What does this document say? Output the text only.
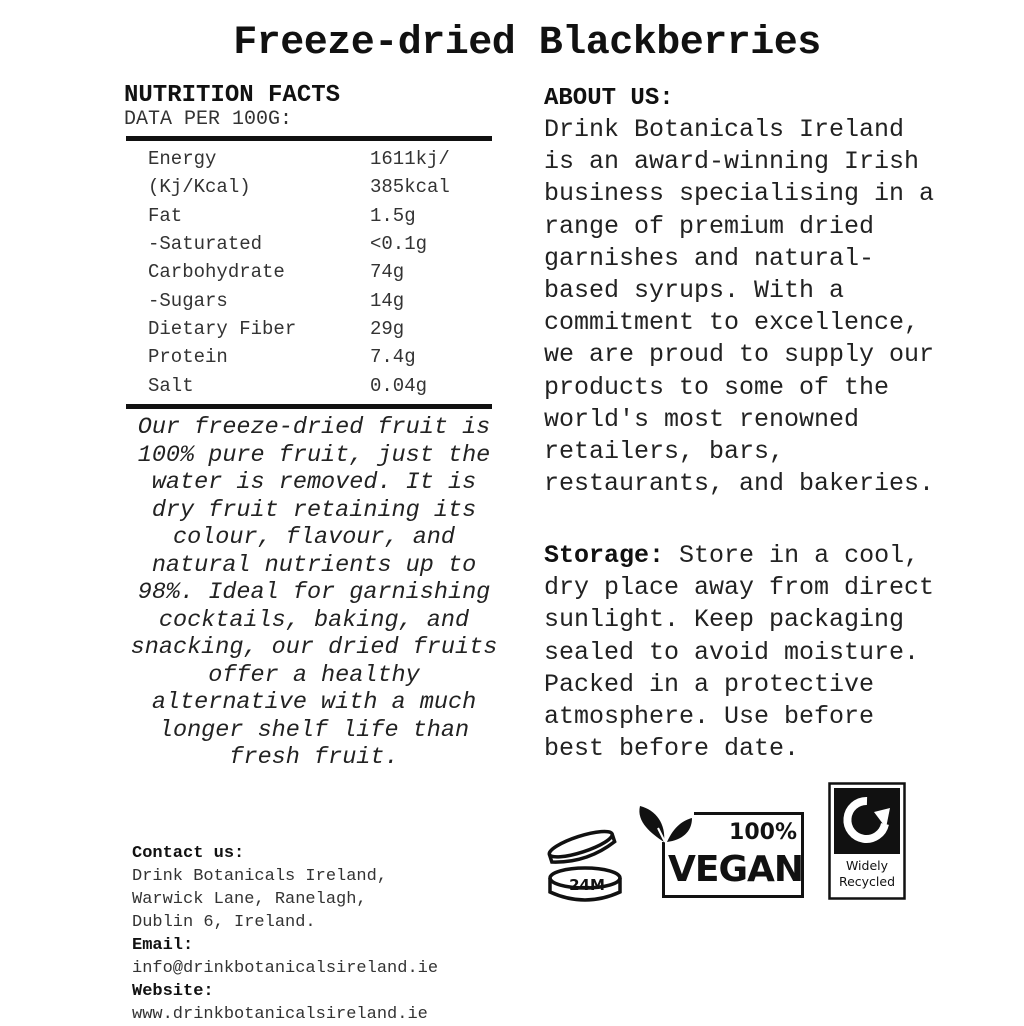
Freeze-dried Blackberries
NUTRITION FACTS
DATA PER 100G:
Energy	1611kj/
(Kj/Kcal)	385kcal
Fat	1.5g
-Saturated	<0.1g
Carbohydrate	74g
-Sugars	14g
Dietary Fiber	29g
Protein	7.4g
Salt	0.04g
Our freeze-dried fruit is 100% pure fruit, just the water is removed. It is dry fruit retaining its colour, flavour, and natural nutrients up to 98%. Ideal for garnishing cocktails, baking, and snacking, our dried fruits offer a healthy alternative with a much longer shelf life than fresh fruit.
Contact us:
Drink Botanicals Ireland,
Warwick Lane, Ranelagh,
Dublin 6, Ireland.
Email:
info@drinkbotanicalsireland.ie
Website:
www.drinkbotanicalsireland.ie
ABOUT US:
Drink Botanicals Ireland is an award-winning Irish business specialising in a range of premium dried garnishes and natural-based syrups. With a commitment to excellence, we are proud to supply our products to some of the world's most renowned retailers, bars, restaurants, and bakeries.
Storage: Store in a cool, dry place away from direct sunlight. Keep packaging sealed to avoid moisture. Packed in a protective atmosphere. Use before best before date.
24M
100%
VEGAN	Widely
Recycled
